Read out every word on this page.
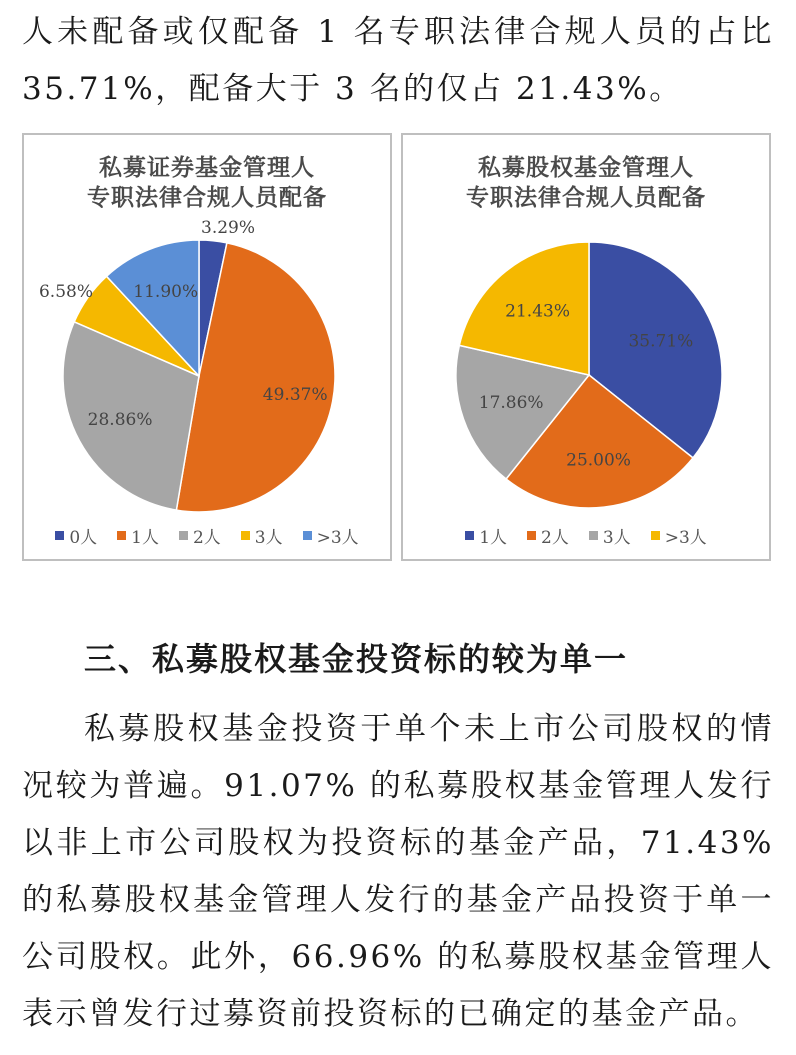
人未配备或仅配备 1 名专职法律合规人员的占比 35.71%，配备大于 3 名的仅占 21.43%。

私募证券基金管理人
专职法律合规人员配备
3.29%
49.37%
28.86%
6.58% 11.90%
0人 1人 2人 3人 >3人
私募股权基金管理人
专职法律合规人员配备
35.71%
25.00%
17.86%
21.43%
1人 2人 3人 >3人
三、私募股权基金投资标的较为单一

私募股权基金投资于单个未上市公司股权的情况较为普遍。91.07% 的私募股权基金管理人发行以非上市公司股权为投资标的基金产品，71.43% 的私募股权基金管理人发行的基金产品投资于单一公司股权。此外，66.96% 的私募股权基金管理人表示曾发行过募资前投资标的已确定的基金产品。
